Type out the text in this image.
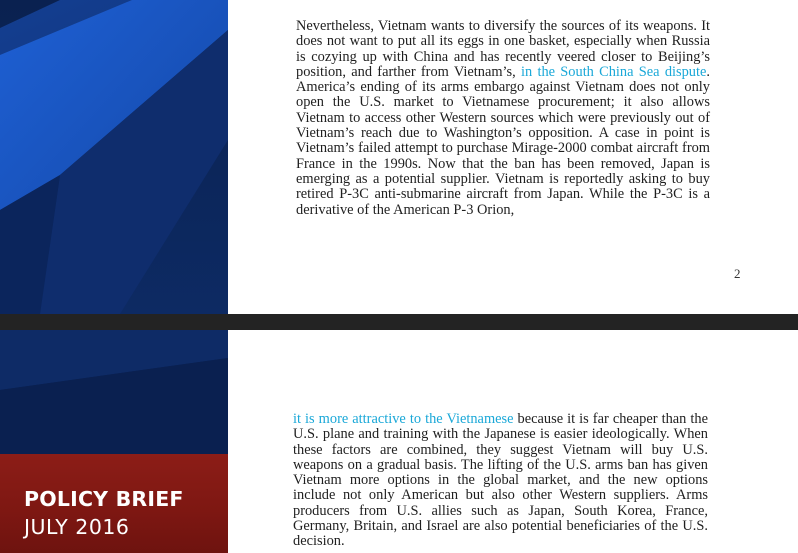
Nevertheless, Vietnam wants to diversify the sources of its weapons. It does not want to put all its eggs in one basket, especially when Russia is cozying up with China and has recently veered closer to Beijing’s position, and farther from Vietnam’s, in the South China Sea dispute. America’s ending of its arms embargo against Vietnam does not only open the U.S. market to Vietnamese procurement; it also allows Vietnam to access other Western sources which were previously out of Vietnam’s reach due to Washington’s opposition. A case in point is Vietnam’s failed attempt to purchase Mirage-2000 combat aircraft from France in the 1990s. Now that the ban has been removed, Japan is emerging as a potential supplier. Vietnam is reportedly asking to buy retired P-3C anti-submarine aircraft from Japan. While the P-3C is a derivative of the American P-3 Orion,

2
POLICY BRIEF
JULY 2016

it is more attractive to the Vietnamese because it is far cheaper than the U.S. plane and training with the Japanese is easier ideologically. When these factors are combined, they suggest Vietnam will buy U.S. weapons on a gradual basis. The lifting of the U.S. arms ban has given Vietnam more options in the global market, and the new options include not only American but also other Western suppliers. Arms producers from U.S. allies such as Japan, South Korea, France, Germany, Britain, and Israel are also potential beneficiaries of the U.S. decision.
